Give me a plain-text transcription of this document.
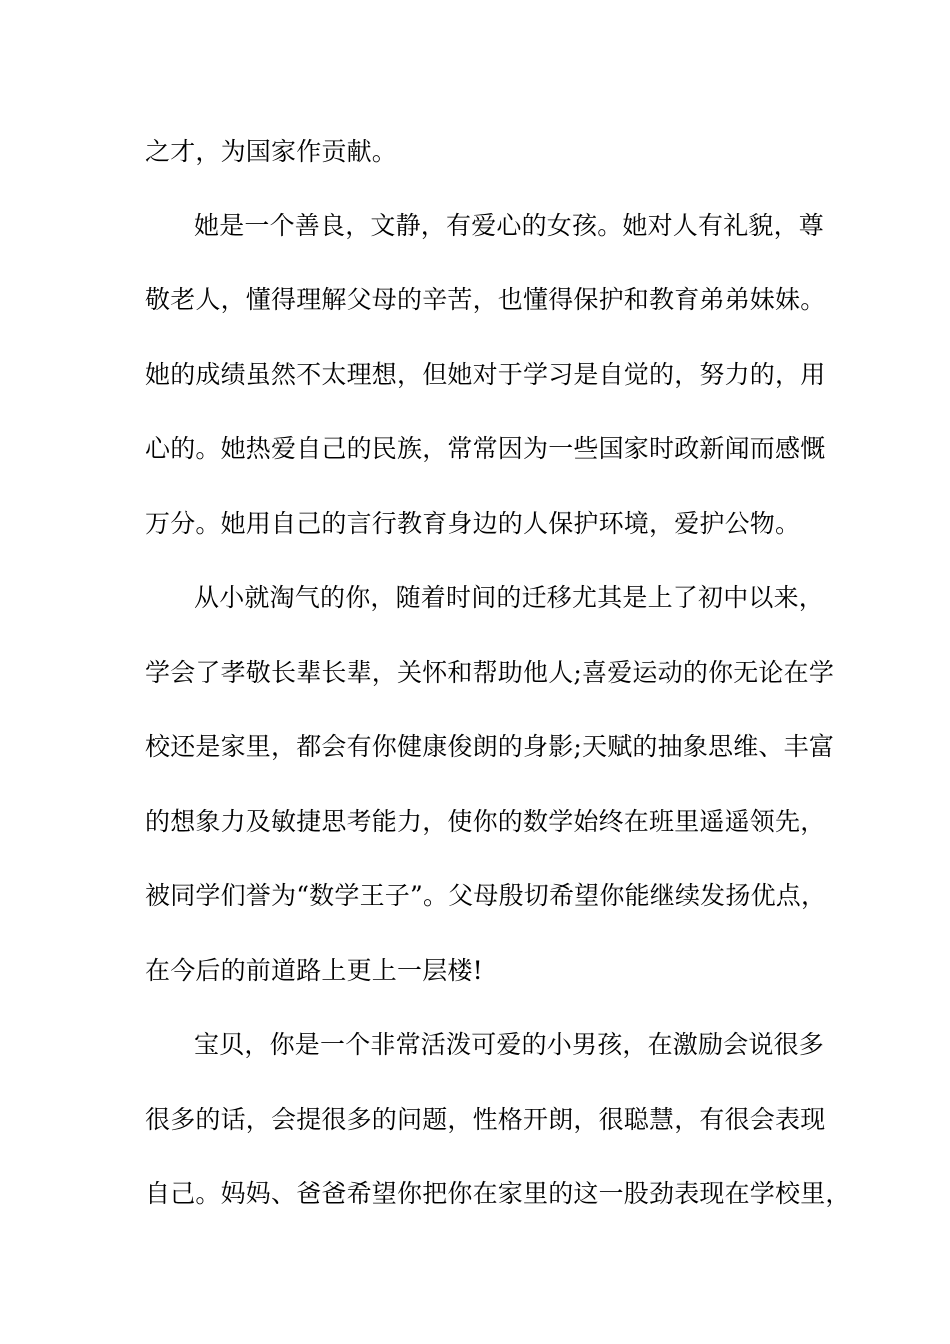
之才，为国家作贡献。
她是一个善良，文静，有爱心的女孩。她对人有礼貌，尊
敬老人，懂得理解父母的辛苦，也懂得保护和教育弟弟妹妹。
她的成绩虽然不太理想，但她对于学习是自觉的，努力的，用
心的。她热爱自己的民族，常常因为一些国家时政新闻而感慨
万分。她用自己的言行教育身边的人保护环境，爱护公物。
从小就淘气的你，随着时间的迁移尤其是上了初中以来，
学会了孝敬长辈长辈，关怀和帮助他人;喜爱运动的你无论在学
校还是家里，都会有你健康俊朗的身影;天赋的抽象思维、丰富
的想象力及敏捷思考能力，使你的数学始终在班里遥遥领先，
被同学们誉为“数学王子”。父母殷切希望你能继续发扬优点，
在今后的前道路上更上一层楼!
宝贝，你是一个非常活泼可爱的小男孩，在激励会说很多
很多的话，会提很多的问题，性格开朗，很聪慧，有很会表现
自己。妈妈、爸爸希望你把你在家里的这一股劲表现在学校里，
